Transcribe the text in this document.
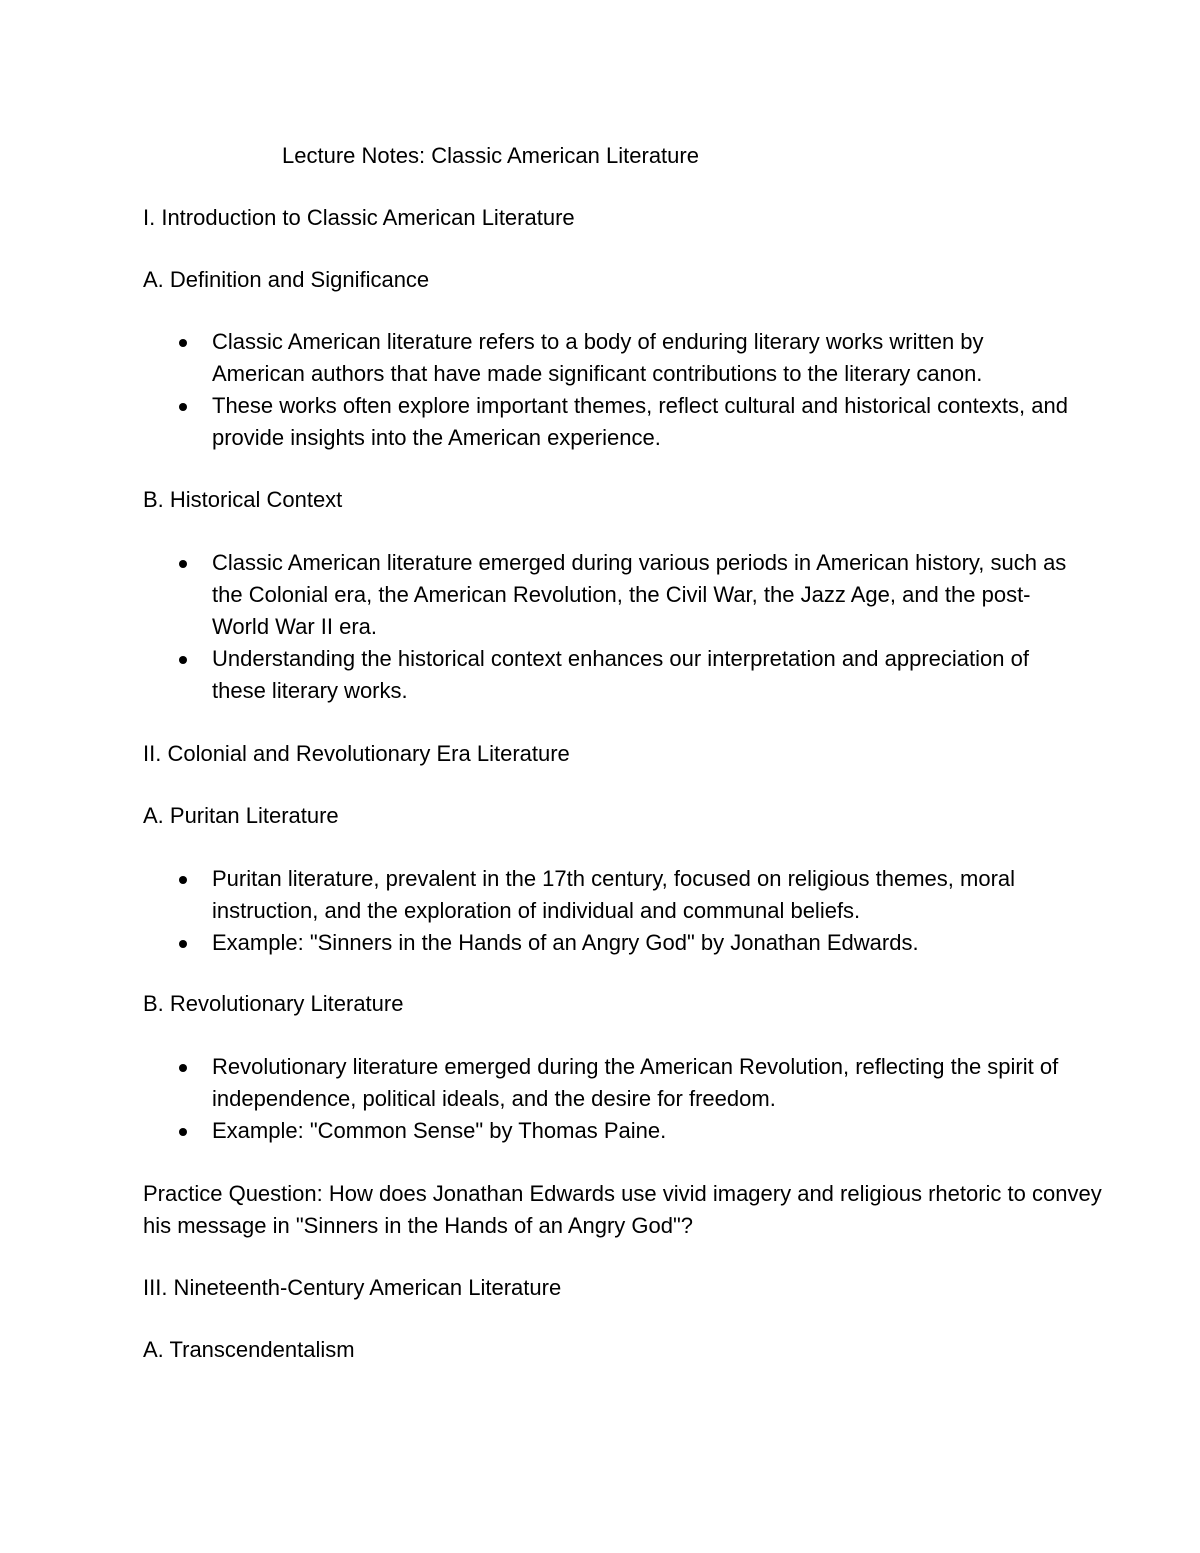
Lecture Notes: Classic American Literature
I. Introduction to Classic American Literature
A. Definition and Significance
Classic American literature refers to a body of enduring literary works written by American authors that have made significant contributions to the literary canon.
These works often explore important themes, reflect cultural and historical contexts, and provide insights into the American experience.
B. Historical Context
Classic American literature emerged during various periods in American history, such as the Colonial era, the American Revolution, the Civil War, the Jazz Age, and the post-World War II era.
Understanding the historical context enhances our interpretation and appreciation of these literary works.
II. Colonial and Revolutionary Era Literature
A. Puritan Literature
Puritan literature, prevalent in the 17th century, focused on religious themes, moral instruction, and the exploration of individual and communal beliefs.
Example: "Sinners in the Hands of an Angry God" by Jonathan Edwards.
B. Revolutionary Literature
Revolutionary literature emerged during the American Revolution, reflecting the spirit of independence, political ideals, and the desire for freedom.
Example: "Common Sense" by Thomas Paine.
Practice Question: How does Jonathan Edwards use vivid imagery and religious rhetoric to convey his message in "Sinners in the Hands of an Angry God"?
III. Nineteenth-Century American Literature
A. Transcendentalism
